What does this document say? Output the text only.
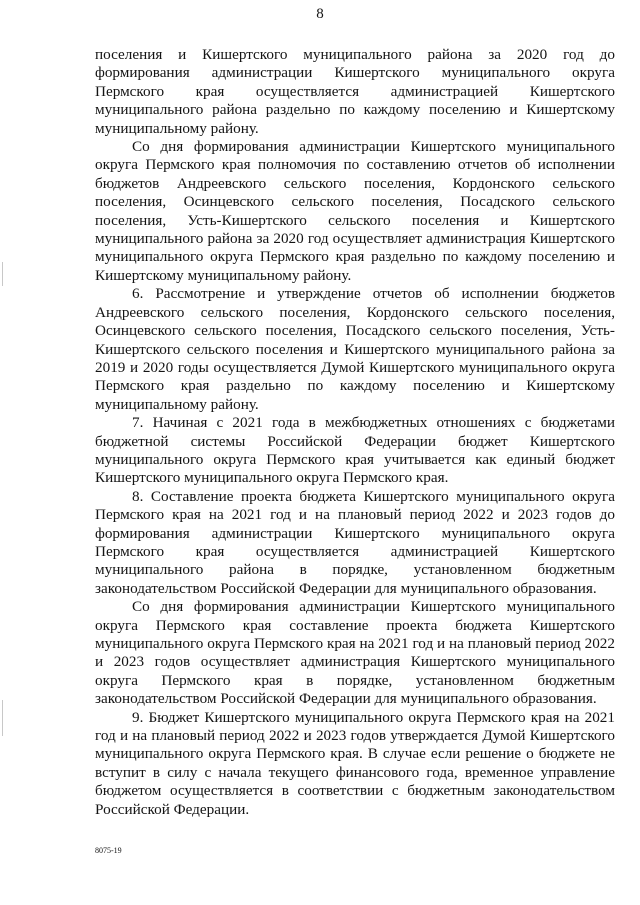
8

поселения и Кишертского муниципального района за 2020 год до формирования администрации Кишертского муниципального округа Пермского края осуществляется администрацией Кишертского муниципального района раздельно по каждому поселению и Кишертскому муниципальному району.

Со дня формирования администрации Кишертского муниципального округа Пермского края полномочия по составлению отчетов об исполнении бюджетов Андреевского сельского поселения, Кордонского сельского поселения, Осинцевского сельского поселения, Посадского сельского поселения, Усть-Кишертского сельского поселения и Кишертского муниципального района за 2020 год осуществляет администрация Кишертского муниципального округа Пермского края раздельно по каждому поселению и Кишертскому муниципальному району.

6. Рассмотрение и утверждение отчетов об исполнении бюджетов Андреевского сельского поселения, Кордонского сельского поселения, Осинцевского сельского поселения, Посадского сельского поселения, Усть-Кишертского сельского поселения и Кишертского муниципального района за 2019 и 2020 годы осуществляется Думой Кишертского муниципального округа Пермского края раздельно по каждому поселению и Кишертскому муниципальному району.

7. Начиная с 2021 года в межбюджетных отношениях с бюджетами бюджетной системы Российской Федерации бюджет Кишертского муниципального округа Пермского края учитывается как единый бюджет Кишертского муниципального округа Пермского края.

8. Составление проекта бюджета Кишертского муниципального округа Пермского края на 2021 год и на плановый период 2022 и 2023 годов до формирования администрации Кишертского муниципального округа Пермского края осуществляется администрацией Кишертского муниципального района в порядке, установленном бюджетным законодательством Российской Федерации для муниципального образования.

Со дня формирования администрации Кишертского муниципального округа Пермского края составление проекта бюджета Кишертского муниципального округа Пермского края на 2021 год и на плановый период 2022 и 2023 годов осуществляет администрация Кишертского муниципального округа Пермского края в порядке, установленном бюджетным законодательством Российской Федерации для муниципального образования.

9. Бюджет Кишертского муниципального округа Пермского края на 2021 год и на плановый период 2022 и 2023 годов утверждается Думой Кишертского муниципального округа Пермского края. В случае если решение о бюджете не вступит в силу с начала текущего финансового года, временное управление бюджетом осуществляется в соответствии с бюджетным законодательством Российской Федерации.

8075-19
